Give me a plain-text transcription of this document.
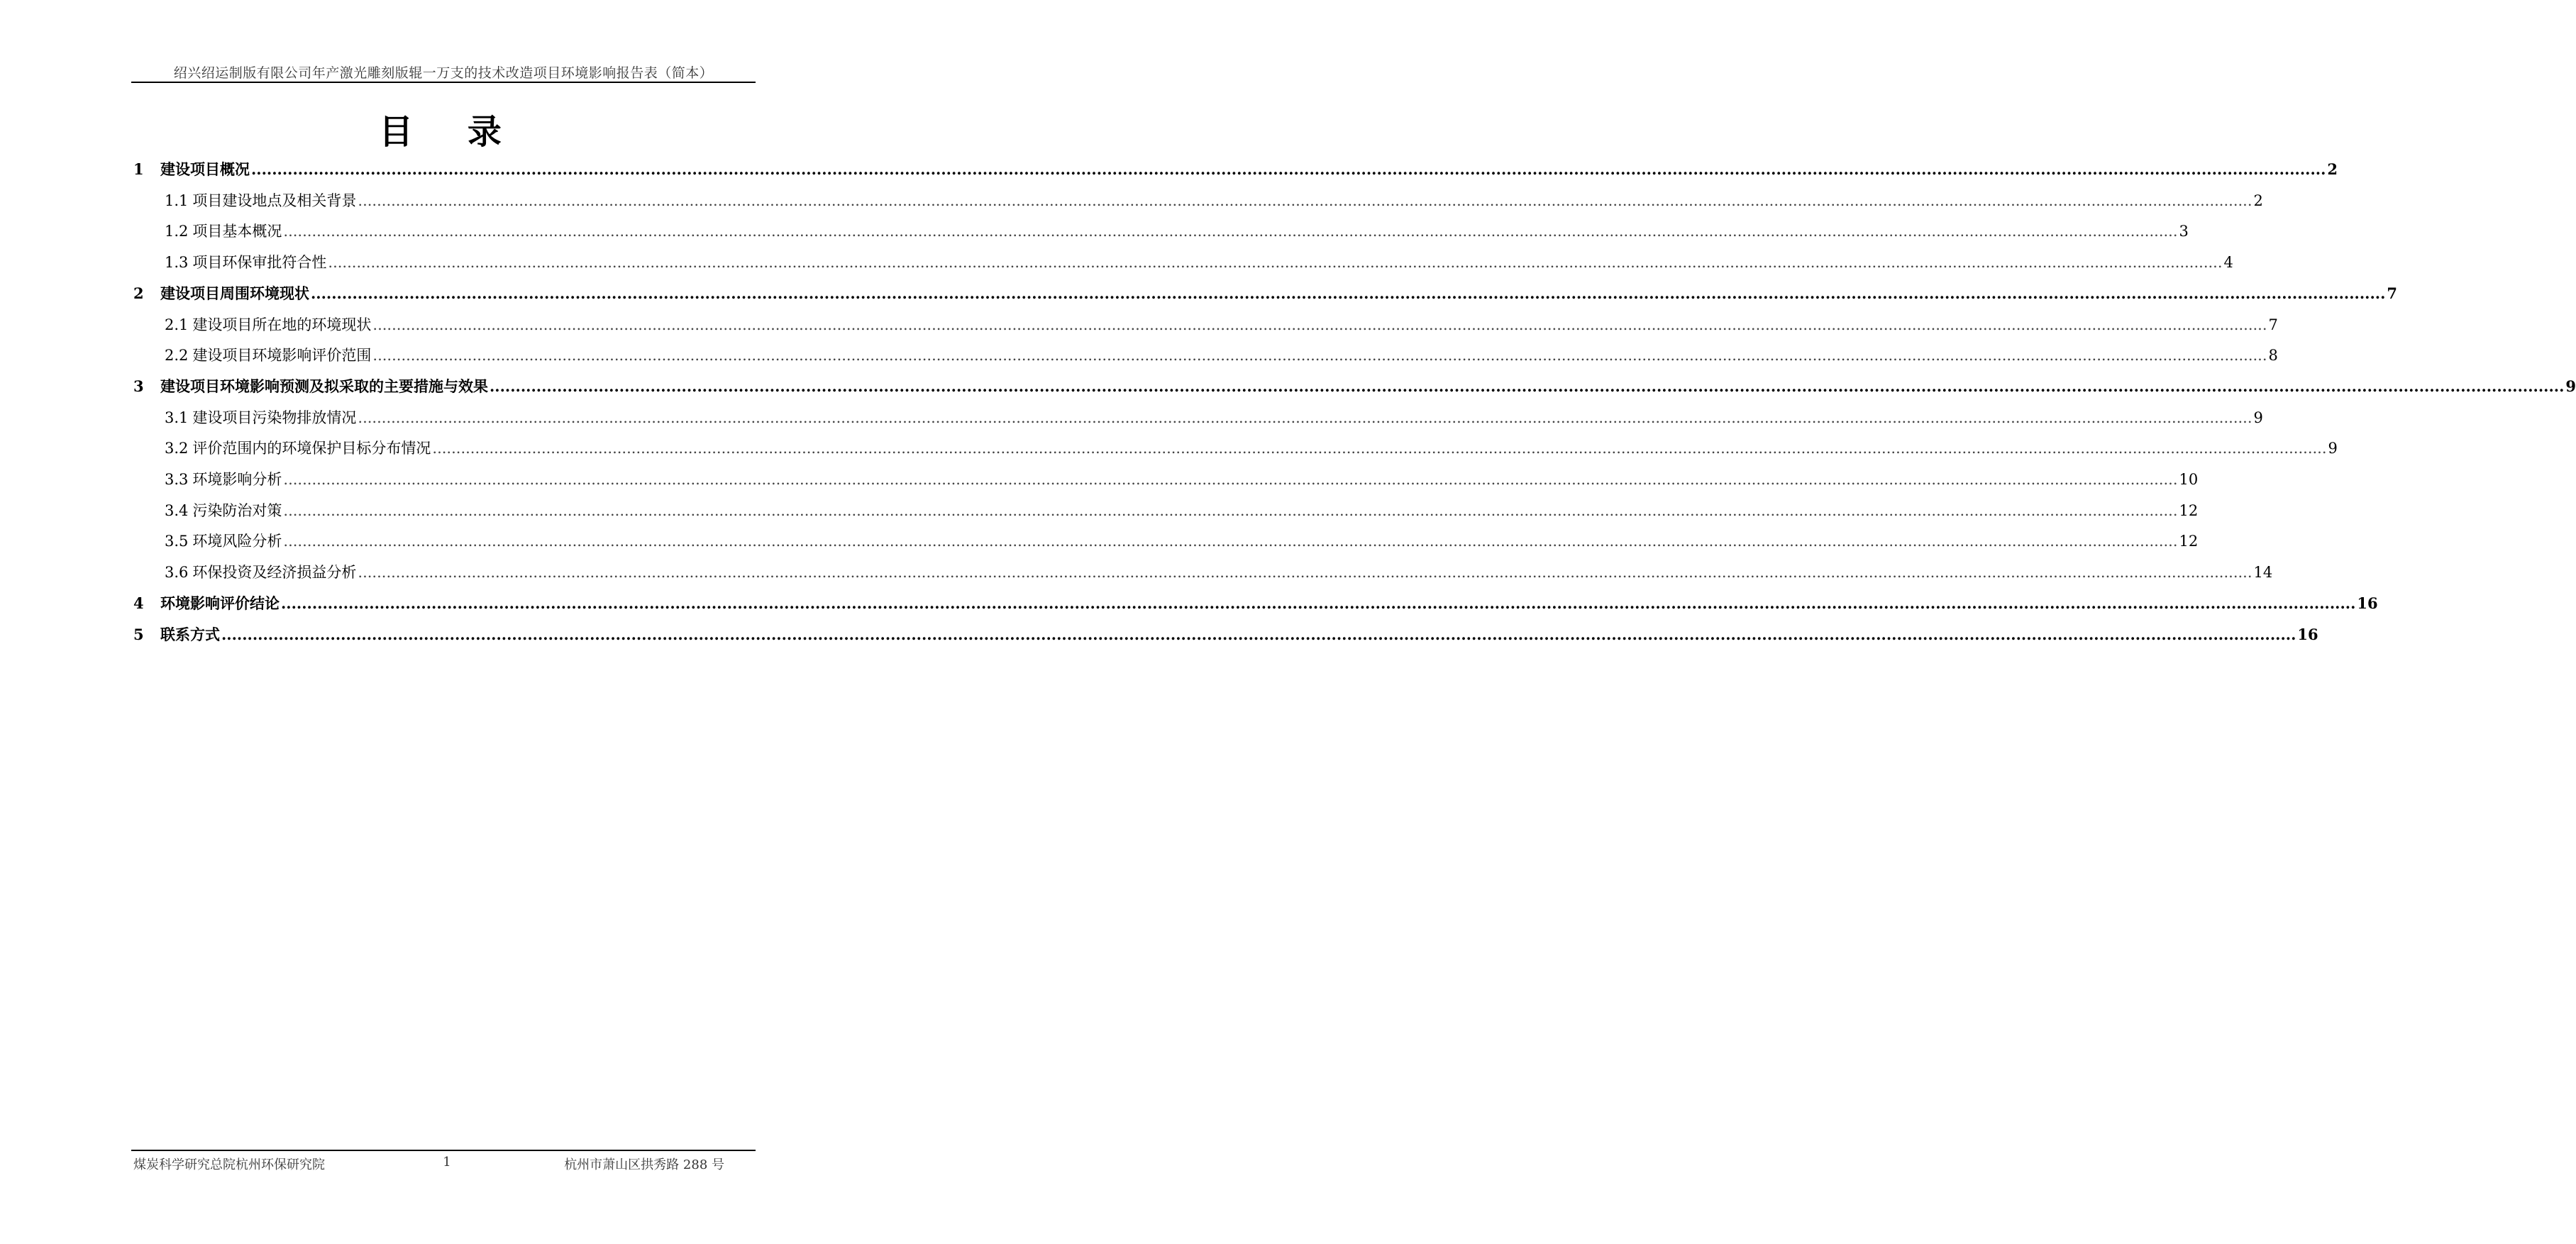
绍兴绍运制版有限公司年产激光雕刻版辊一万支的技术改造项目环境影响报告表（简本）
目 录
1	建设项目概况 ................................................................................................................................................................................................................................................................................................................................................................................................................ 2
1.1 项目建设地点及相关背景 ................................................................................................................................................................................................................................................................................................................................................................................................................ 2
1.2 项目基本概况 ................................................................................................................................................................................................................................................................................................................................................................................................................ 3
1.3 项目环保审批符合性 ................................................................................................................................................................................................................................................................................................................................................................................................................ 4
2	建设项目周围环境现状 ................................................................................................................................................................................................................................................................................................................................................................................................................ 7
2.1 建设项目所在地的环境现状 ................................................................................................................................................................................................................................................................................................................................................................................................................ 7
2.2 建设项目环境影响评价范围 ................................................................................................................................................................................................................................................................................................................................................................................................................ 8
3	建设项目环境影响预测及拟采取的主要措施与效果 ................................................................................................................................................................................................................................................................................................................................................................................................................ 9
3.1 建设项目污染物排放情况 ................................................................................................................................................................................................................................................................................................................................................................................................................ 9
3.2 评价范围内的环境保护目标分布情况 ................................................................................................................................................................................................................................................................................................................................................................................................................ 9
3.3 环境影响分析 ................................................................................................................................................................................................................................................................................................................................................................................................................ 10
3.4 污染防治对策 ................................................................................................................................................................................................................................................................................................................................................................................................................ 12
3.5 环境风险分析 ................................................................................................................................................................................................................................................................................................................................................................................................................ 12
3.6 环保投资及经济损益分析 ................................................................................................................................................................................................................................................................................................................................................................................................................ 14
4	环境影响评价结论 ................................................................................................................................................................................................................................................................................................................................................................................................................ 16
5	联系方式 ................................................................................................................................................................................................................................................................................................................................................................................................................ 16
煤炭科学研究总院杭州环保研究院	1	杭州市萧山区拱秀路 288 号
